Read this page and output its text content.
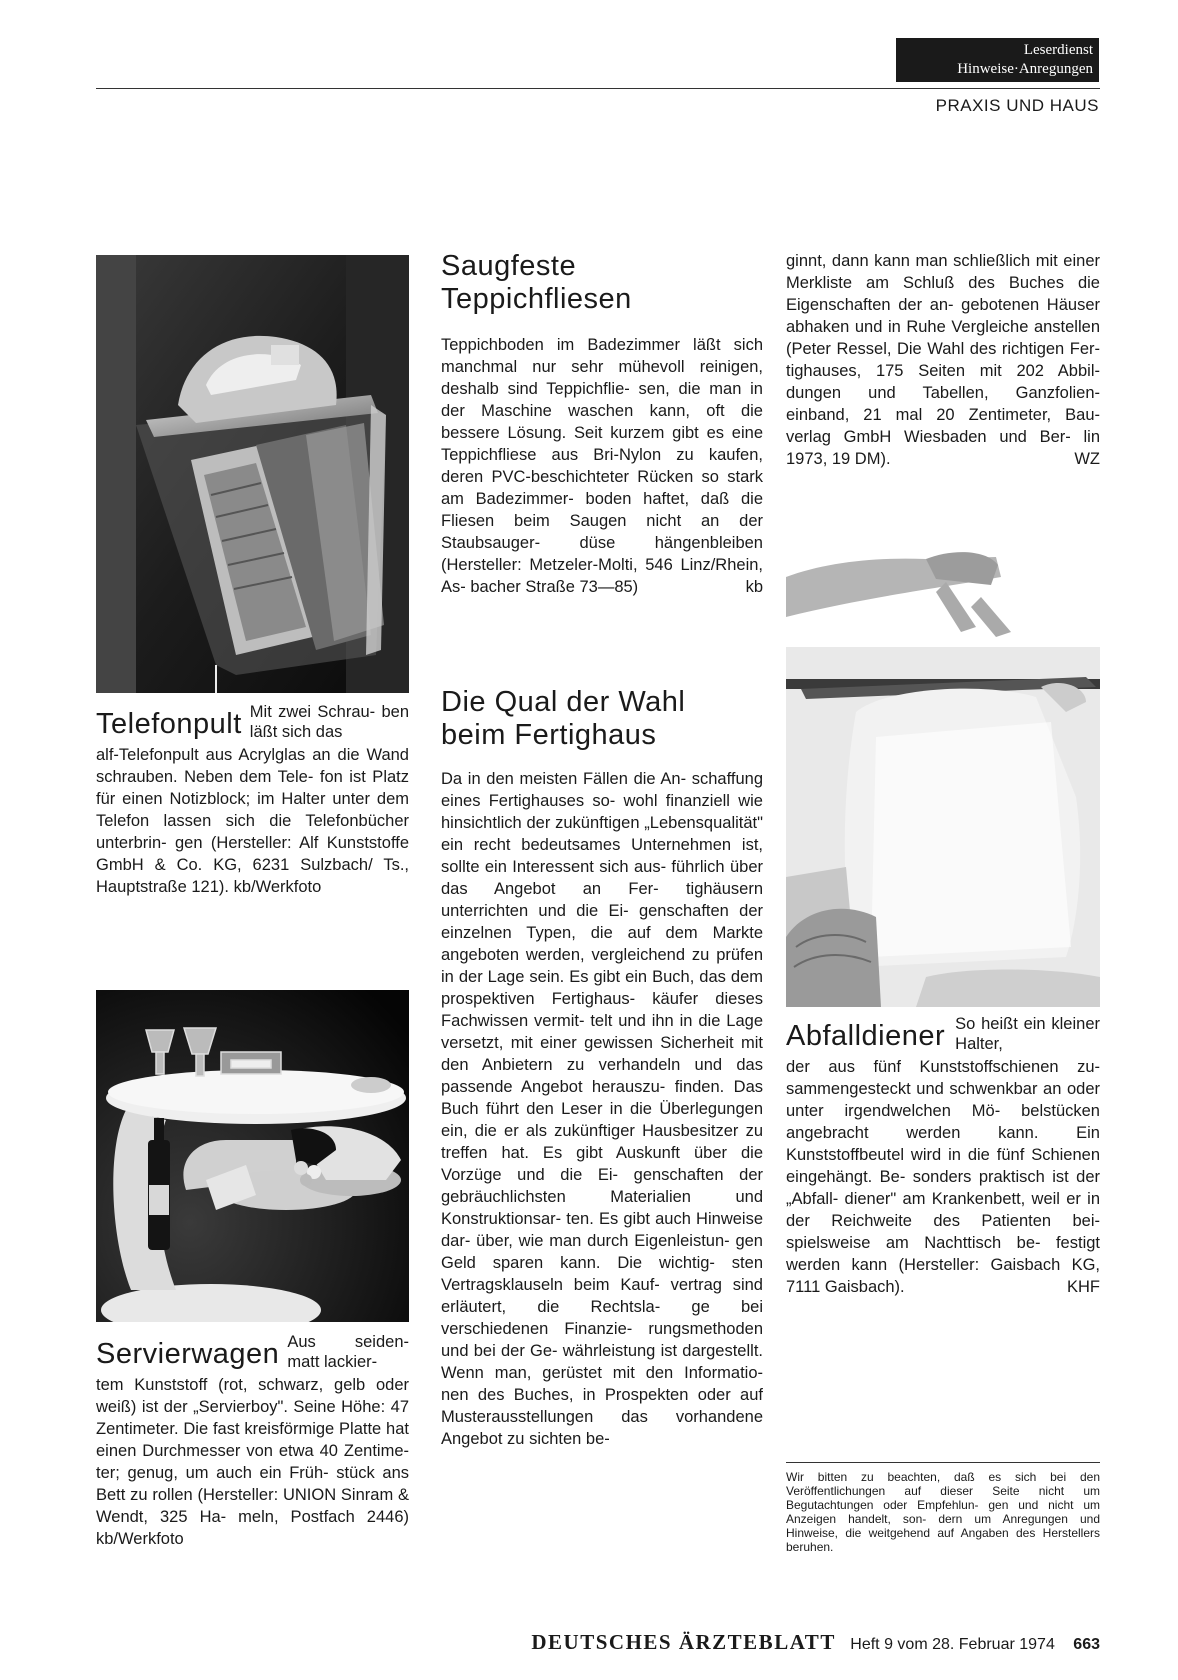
Leserdienst
Hinweise·Anregungen
PRAXIS UND HAUS
Telefonpult Mit zwei Schrau- ben läßt sich das

alf-Telefonpult aus Acrylglas an die Wand schrauben. Neben dem Tele- fon ist Platz für einen Notizblock; im Halter unter dem Telefon lassen sich die Telefonbücher unterbrin- gen (Hersteller: Alf Kunststoffe GmbH & Co. KG, 6231 Sulzbach/ Ts., Hauptstraße 121). kb/Werkfoto

Servierwagen Aus seiden- matt lackier-

tem Kunststoff (rot, schwarz, gelb oder weiß) ist der „Servierboy". Seine Höhe: 47 Zentimeter. Die fast kreisförmige Platte hat einen Durchmesser von etwa 40 Zentime- ter; genug, um auch ein Früh- stück ans Bett zu rollen (Hersteller: UNION Sinram & Wendt, 325 Ha- meln, Postfach 2446) kb/Werkfoto

Saugfeste
Teppichfliesen

Teppichboden im Badezimmer läßt sich manchmal nur sehr mühevoll reinigen, deshalb sind Teppichflie- sen, die man in der Maschine waschen kann, oft die bessere Lösung. Seit kurzem gibt es eine Teppichfliese aus Bri-Nylon zu kaufen, deren PVC-beschichteter Rücken so stark am Badezimmer- boden haftet, daß die Fliesen beim Saugen nicht an der Staubsauger- düse hängenbleiben (Hersteller: Metzeler-Molti, 546 Linz/Rhein, As- bacher Straße 73—85)	kb

Die Qual der Wahl
beim Fertighaus

Da in den meisten Fällen die An- schaffung eines Fertighauses so- wohl finanziell wie hinsichtlich der zukünftigen „Lebensqualität" ein recht bedeutsames Unternehmen ist, sollte ein Interessent sich aus- führlich über das Angebot an Fer- tighäusern unterrichten und die Ei- genschaften der einzelnen Typen, die auf dem Markte angeboten werden, vergleichend zu prüfen in der Lage sein. Es gibt ein Buch, das dem prospektiven Fertighaus- käufer dieses Fachwissen vermit- telt und ihn in die Lage versetzt, mit einer gewissen Sicherheit mit den Anbietern zu verhandeln und das passende Angebot herauszu- finden. Das Buch führt den Leser in die Überlegungen ein, die er als zukünftiger Hausbesitzer zu treffen hat. Es gibt Auskunft über die Vorzüge und die Ei- genschaften der gebräuchlichsten Materialien und Konstruktionsar- ten. Es gibt auch Hinweise dar- über, wie man durch Eigenleistun- gen Geld sparen kann. Die wichtig- sten Vertragsklauseln beim Kauf- vertrag sind erläutert, die Rechtsla- ge bei verschiedenen Finanzie- rungsmethoden und bei der Ge- währleistung ist dargestellt. Wenn man, gerüstet mit den Informatio- nen des Buches, in Prospekten oder auf Musterausstellungen das vorhandene Angebot zu sichten be-

ginnt, dann kann man schließlich mit einer Merkliste am Schluß des Buches die Eigenschaften der an- gebotenen Häuser abhaken und in Ruhe Vergleiche anstellen (Peter Ressel, Die Wahl des richtigen Fer- tighauses, 175 Seiten mit 202 Abbil- dungen und Tabellen, Ganzfolien- einband, 21 mal 20 Zentimeter, Bau- verlag GmbH Wiesbaden und Ber- lin 1973, 19 DM).	WZ

Abfalldiener So heißt ein kleiner Halter,

der aus fünf Kunststoffschienen zu- sammengesteckt und schwenkbar an oder unter irgendwelchen Mö- belstücken angebracht werden kann. Ein Kunststoffbeutel wird in die fünf Schienen eingehängt. Be- sonders praktisch ist der „Abfall- diener" am Krankenbett, weil er in der Reichweite des Patienten bei- spielsweise am Nachttisch be- festigt werden kann (Hersteller: Gaisbach KG, 7111 Gaisbach).	KHF

Wir bitten zu beachten, daß es sich bei den Veröffentlichungen auf dieser Seite nicht um Begutachtungen oder Empfehlun- gen und nicht um Anzeigen handelt, son- dern um Anregungen und Hinweise, die weitgehend auf Angaben des Herstellers beruhen.
DEUTSCHES ÄRZTEBLATT Heft 9 vom 28. Februar 1974 663
